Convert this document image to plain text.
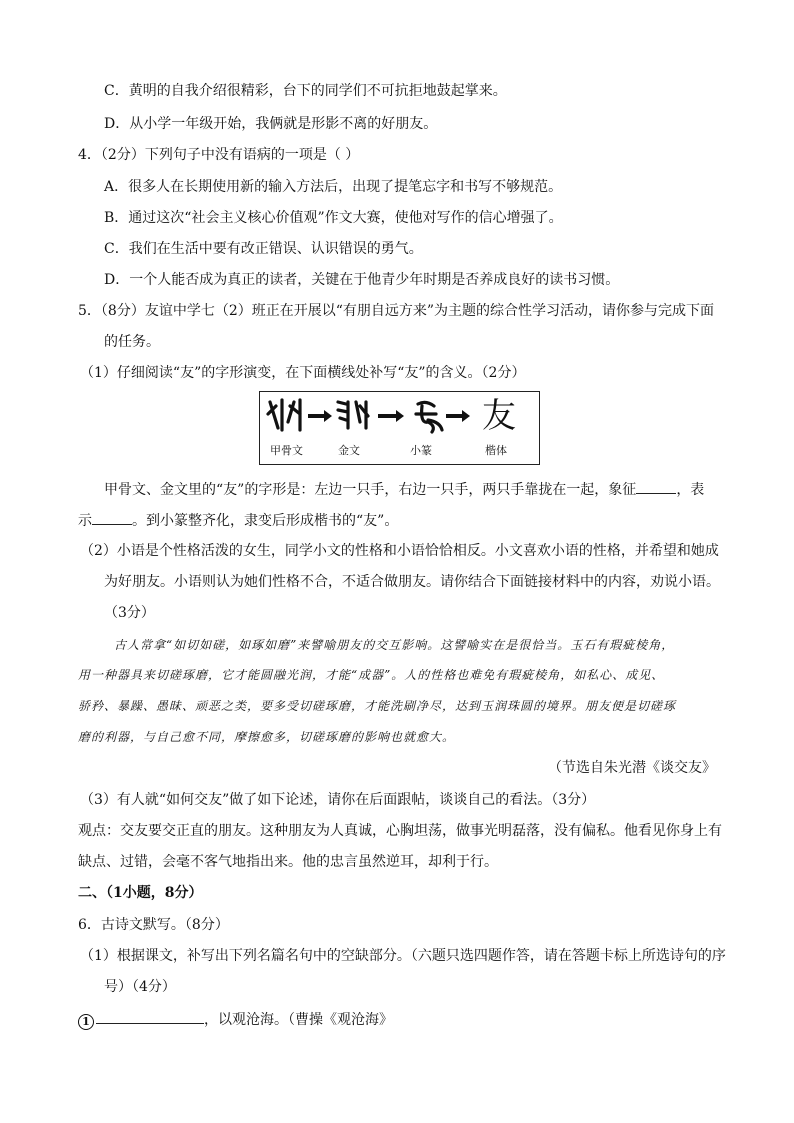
C．黄明的自我介绍很精彩，台下的同学们不可抗拒地鼓起掌来。
D．从小学一年级开始，我俩就是形影不离的好朋友。
4．（2分）下列句子中没有语病的一项是（ ）
A．很多人在长期使用新的输入方法后，出现了提笔忘字和书写不够规范。
B．通过这次“社会主义核心价值观”作文大赛，使他对写作的信心增强了。
C．我们在生活中要有改正错误、认识错误的勇气。
D．一个人能否成为真正的读者，关键在于他青少年时期是否养成良好的读书习惯。
5．（8分）友谊中学七（2）班正在开展以“有朋自远方来”为主题的综合性学习活动，请你参与完成下面
的任务。
（1）仔细阅读“友”的字形演变，在下面横线处补写“友”的含义。（2分）
友
甲骨文	金文	小篆	楷体
甲骨文、金文里的“友”的字形是：左边一只手，右边一只手，两只手靠拢在一起，象征	，表
示	。到小篆整齐化，隶变后形成楷书的“友”。
（2）小语是个性格活泼的女生，同学小文的性格和小语恰恰相反。小文喜欢小语的性格，并希望和她成
为好朋友。小语则认为她们性格不合，不适合做朋友。请你结合下面链接材料中的内容，劝说小语。
（3分）
古人常拿“如切如磋，如琢如磨”来譬喻朋友的交互影响。这譬喻实在是很恰当。玉石有瑕疵棱角，
用一种器具来切磋琢磨，它才能圆融光润，才能“成器”。人的性格也难免有瑕疵棱角，如私心、成见、
骄矜、暴躁、愚昧、顽恶之类，要多受切磋琢磨，才能洗刷净尽，达到玉润珠圆的境界。朋友便是切磋琢
磨的利器，与自己愈不同，摩擦愈多，切磋琢磨的影响也就愈大。
（节选自朱光潜《谈交友》
（3）有人就“如何交友”做了如下论述，请你在后面跟帖，谈谈自己的看法。（3分）
观点：交友要交正直的朋友。这种朋友为人真诚，心胸坦荡，做事光明磊落，没有偏私。他看见你身上有
缺点、过错，会毫不客气地指出来。他的忠言虽然逆耳，却利于行。
二、（1小题，8分）
6．古诗文默写。（8分）
（1）根据课文，补写出下列名篇名句中的空缺部分。（六题只选四题作答，请在答题卡标上所选诗句的序
号）（4分）
1	，以观沧海。（曹操《观沧海》
